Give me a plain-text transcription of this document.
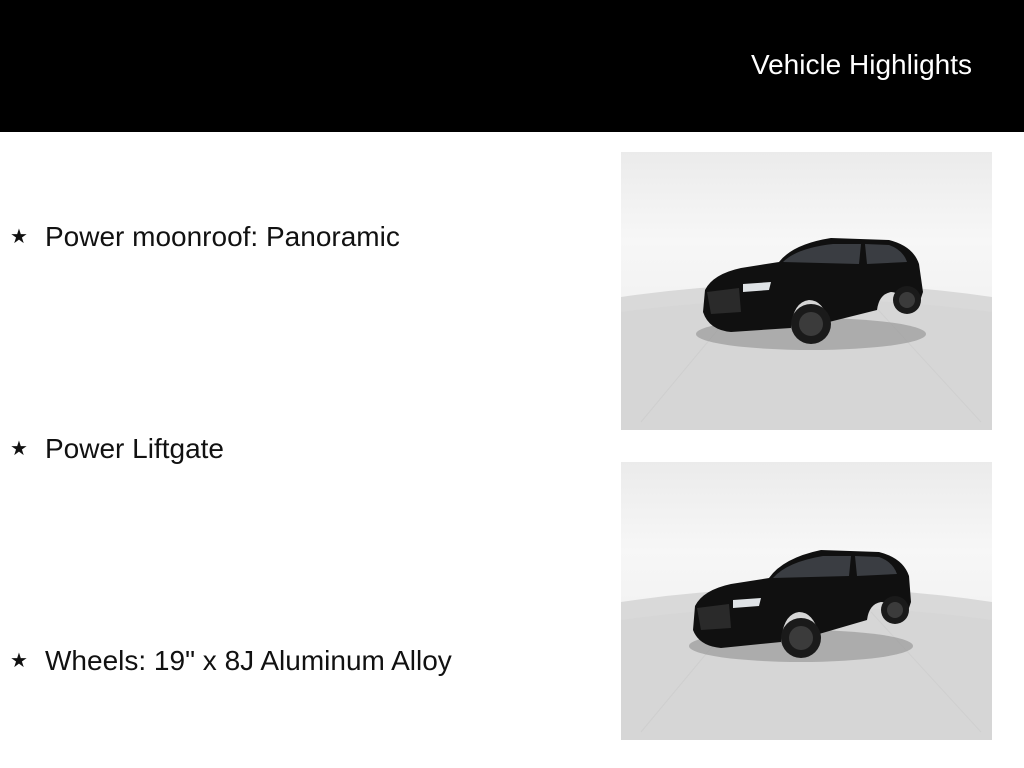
Vehicle Highlights
★ Power moonroof: Panoramic
★ Power Liftgate
★ Wheels: 19" x 8J Aluminum Alloy
